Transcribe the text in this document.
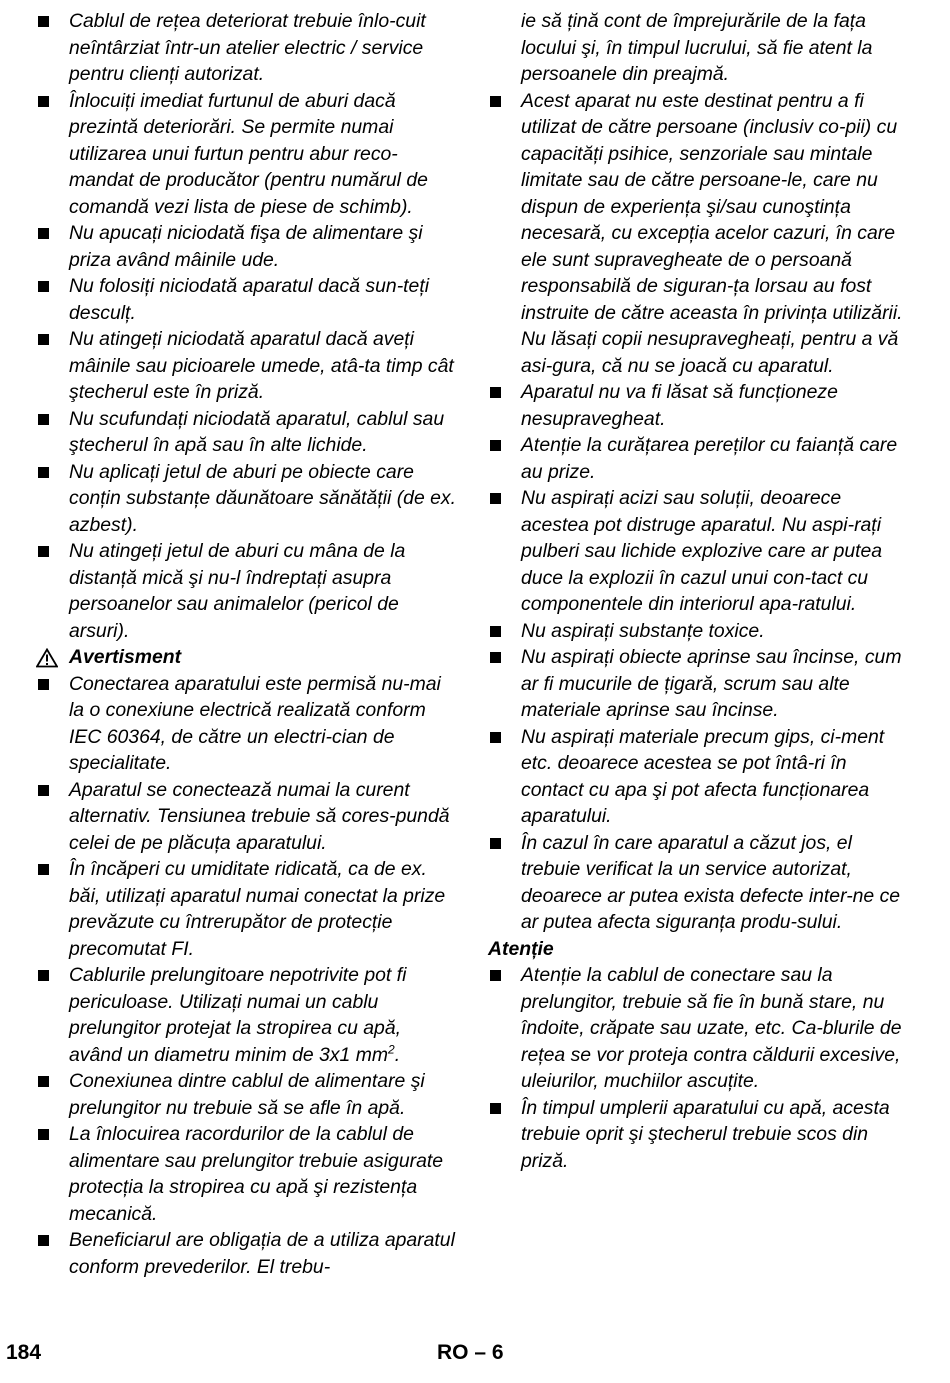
Cablul de rețea deteriorat trebuie înlo-cuit neîntârziat într-un atelier electric / service pentru clienți autorizat.
Înlocuiți imediat furtunul de aburi dacă prezintă deteriorări. Se permite numai utilizarea unui furtun pentru abur reco-mandat de producător (pentru numărul de comandă vezi lista de piese de schimb).
Nu apucați niciodată fişa de alimentare şi priza având mâinile ude.
Nu folosiți niciodată aparatul dacă sun-teți desculț.
Nu atingeți niciodată aparatul dacă aveți mâinile sau picioarele umede, atâ-ta timp cât ştecherul este în priză.
Nu scufundați niciodată aparatul, cablul sau ştecherul în apă sau în alte lichide.
Nu aplicați jetul de aburi pe obiecte care conțin substanțe dăunătoare sănătății (de ex. azbest).
Nu atingeți jetul de aburi cu mâna de la distanță mică şi nu-l îndreptați asupra persoanelor sau animalelor (pericol de arsuri).
Avertisment
Conectarea aparatului este permisă nu-mai la o conexiune electrică realizată conform IEC 60364, de către un electri-cian de specialitate.
Aparatul se conectează numai la curent alternativ. Tensiunea trebuie să cores-pundă celei de pe plăcuța aparatului.
În încăperi cu umiditate ridicată, ca de ex. băi, utilizați aparatul numai conectat la prize prevăzute cu întrerupător de protecție precomutat FI.
Cablurile prelungitoare nepotrivite pot fi periculoase. Utilizați numai un cablu prelungitor protejat la stropirea cu apă, având un diametru minim de 3x1 $mm^2$.
Conexiunea dintre cablul de alimentare şi prelungitor nu trebuie să se afle în apă.
La înlocuirea racordurilor de la cablul de alimentare sau prelungitor trebuie asigurate protecția la stropirea cu apă şi rezistența mecanică.
Beneficiarul are obligația de a utiliza aparatul conform prevederilor. El trebu-
ie să țină cont de împrejurările de la fața locului şi, în timpul lucrului, să fie atent la persoanele din preajmă.
Acest aparat nu este destinat pentru a fi utilizat de către persoane (inclusiv co-pii) cu capacități psihice, senzoriale sau mintale limitate sau de către persoane-le, care nu dispun de experiența şi/sau cunoştința necesară, cu excepția acelor cazuri, în care ele sunt supravegheate de o persoană responsabilă de siguran-ța lorsau au fost instruite de către aceasta în privința utilizării. Nu lăsați copii nesupravegheați, pentru a vă asi-gura, că nu se joacă cu aparatul.
Aparatul nu va fi lăsat să funcționeze nesupravegheat.
Atenție la curățarea pereților cu faianță care au prize.
Nu aspirați acizi sau soluții, deoarece acestea pot distruge aparatul. Nu aspi-rați pulberi sau lichide explozive care ar putea duce la explozii în cazul unui con-tact cu componentele din interiorul apa-ratului.
Nu aspirați substanțe toxice.
Nu aspirați obiecte aprinse sau încinse, cum ar fi mucurile de țigară, scrum sau alte materiale aprinse sau încinse.
Nu aspirați materiale precum gips, ci-ment etc. deoarece acestea se pot întâ-ri în contact cu apa şi pot afecta funcționarea aparatului.
În cazul în care aparatul a căzut jos, el trebuie verificat la un service autorizat, deoarece ar putea exista defecte inter-ne ce ar putea afecta siguranța produ-sului.
Atenție
Atenție la cablul de conectare sau la prelungitor, trebuie să fie în bună stare, nu îndoite, crăpate sau uzate, etc. Ca-blurile de rețea se vor proteja contra căldurii excesive, uleiurilor, muchiilor ascuțite.
În timpul umplerii aparatului cu apă, acesta trebuie oprit şi ştecherul trebuie scos din priză.
184	RO – 6
